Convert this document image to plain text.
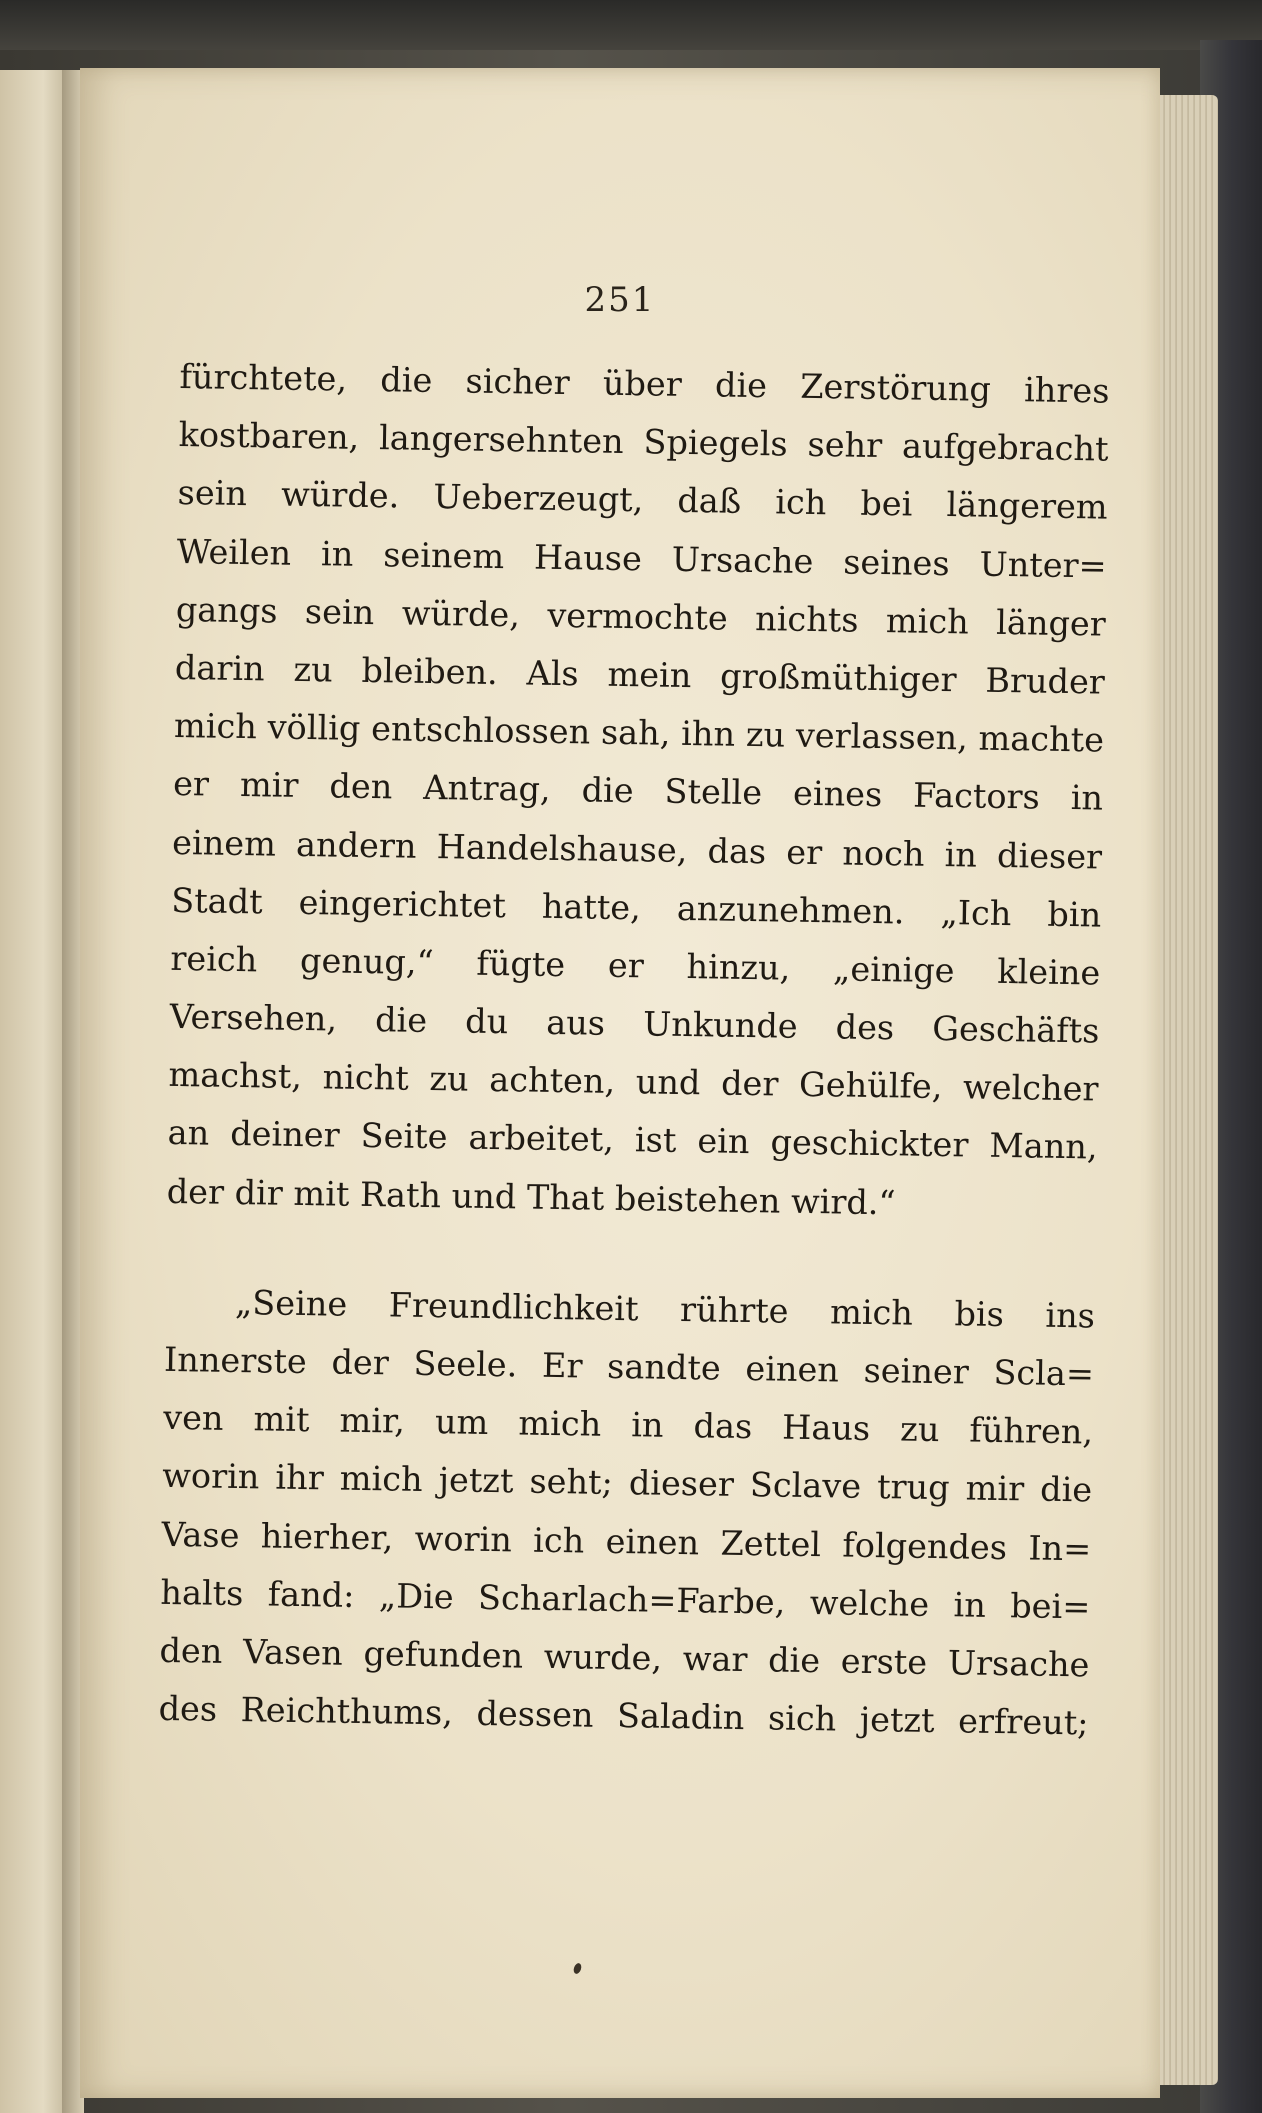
251
fürchtete, die sicher über die Zerstörung ihres
kostbaren, langersehnten Spiegels sehr aufgebracht
sein würde. Ueberzeugt, daß ich bei längerem
Weilen in seinem Hause Ursache seines Unter=
gangs sein würde, vermochte nichts mich länger
darin zu bleiben. Als mein großmüthiger Bruder
mich völlig entschlossen sah, ihn zu verlassen, machte
er mir den Antrag, die Stelle eines Factors in
einem andern Handelshause, das er noch in dieser
Stadt eingerichtet hatte, anzunehmen. „Ich bin
reich genug,“ fügte er hinzu, „einige kleine
Versehen, die du aus Unkunde des Geschäfts
machst, nicht zu achten, und der Gehülfe, welcher
an deiner Seite arbeitet, ist ein geschickter Mann,
der dir mit Rath und That beistehen wird.“
„Seine Freundlichkeit rührte mich bis ins
Innerste der Seele. Er sandte einen seiner Scla=
ven mit mir, um mich in das Haus zu führen,
worin ihr mich jetzt seht; dieser Sclave trug mir die
Vase hierher, worin ich einen Zettel folgendes In=
halts fand: „Die Scharlach=Farbe, welche in bei=
den Vasen gefunden wurde, war die erste Ursache
des Reichthums, dessen Saladin sich jetzt erfreut;
